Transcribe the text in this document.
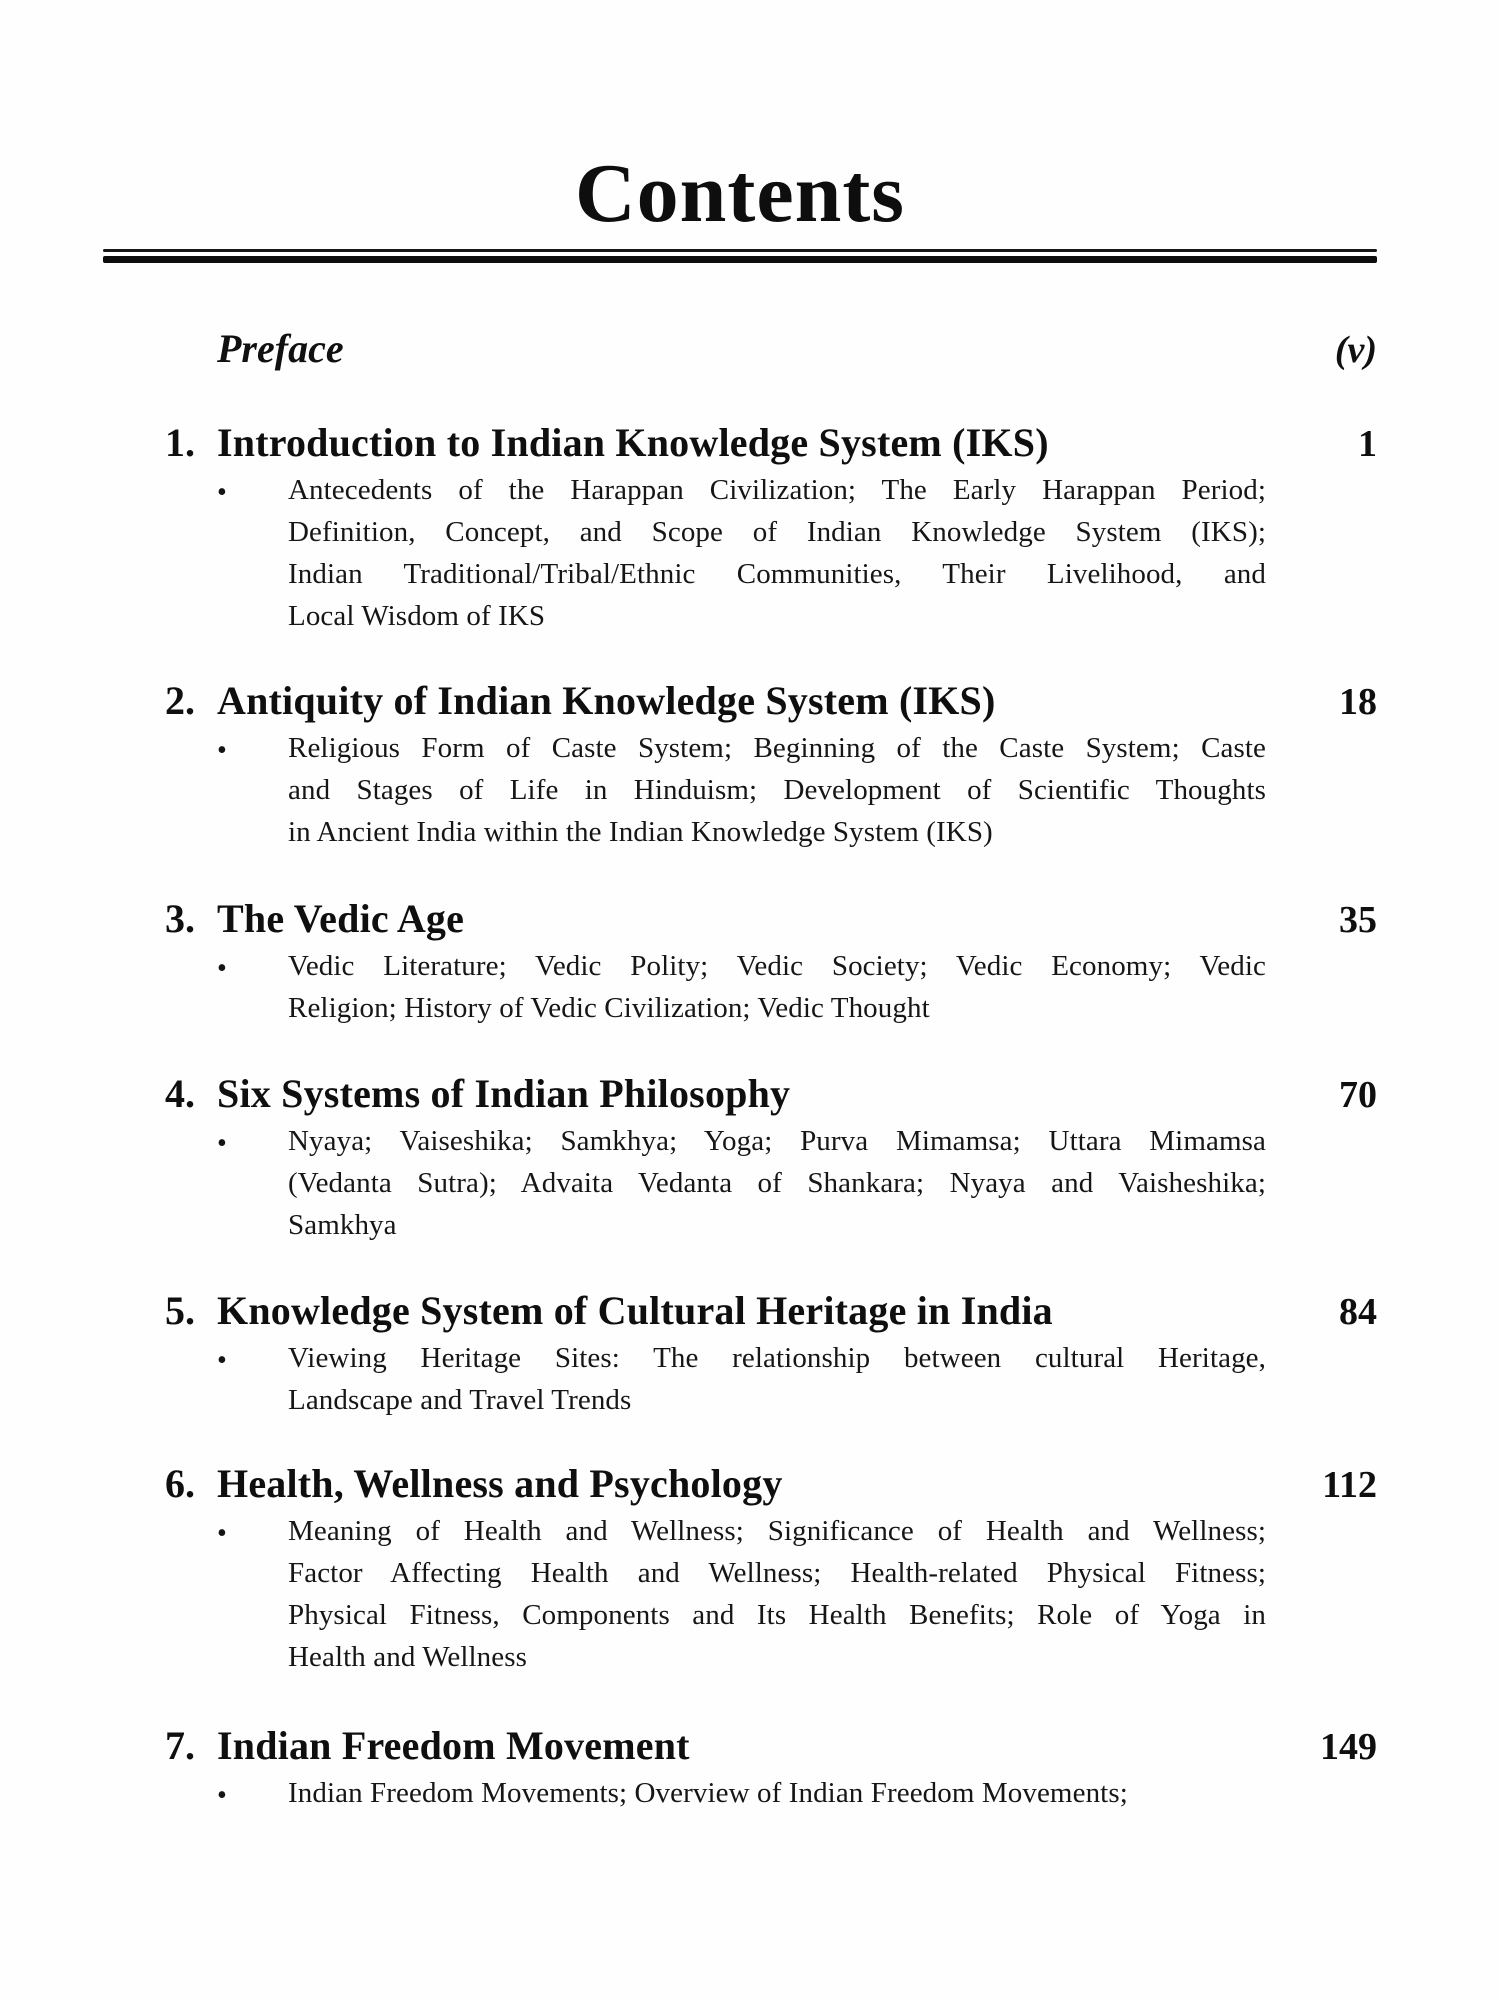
Contents
Preface	(v)
1. Introduction to Indian Knowledge System (IKS)	1
• Antecedents of the Harappan Civilization; The Early Harappan Period;
Definition, Concept, and Scope of Indian Knowledge System (IKS);
Indian Traditional/Tribal/Ethnic Communities, Their Livelihood, and
Local Wisdom of IKS
2. Antiquity of Indian Knowledge System (IKS)	18
• Religious Form of Caste System; Beginning of the Caste System; Caste
and Stages of Life in Hinduism; Development of Scientific Thoughts
in Ancient India within the Indian Knowledge System (IKS)
3. The Vedic Age	35
• Vedic Literature; Vedic Polity; Vedic Society; Vedic Economy; Vedic
Religion; History of Vedic Civilization; Vedic Thought
4. Six Systems of Indian Philosophy	70
• Nyaya; Vaiseshika; Samkhya; Yoga; Purva Mimamsa; Uttara Mimamsa
(Vedanta Sutra); Advaita Vedanta of Shankara; Nyaya and Vaisheshika;
Samkhya
5. Knowledge System of Cultural Heritage in India	84
• Viewing Heritage Sites: The relationship between cultural Heritage,
Landscape and Travel Trends
6. Health, Wellness and Psychology	112
• Meaning of Health and Wellness; Significance of Health and Wellness;
Factor Affecting Health and Wellness; Health-related Physical Fitness;
Physical Fitness, Components and Its Health Benefits; Role of Yoga in
Health and Wellness
7. Indian Freedom Movement	149
• Indian Freedom Movements; Overview of Indian Freedom Movements;
